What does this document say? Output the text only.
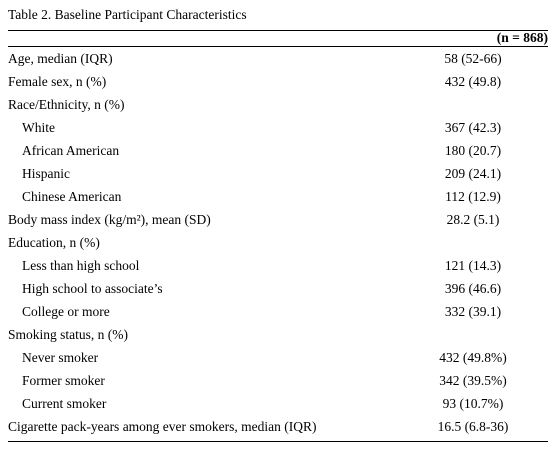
Table 2. Baseline Participant Characteristics
(n = 868)
Age, median (IQR)	58 (52-66)
Female sex, n (%)	432 (49.8)
Race/Ethnicity, n (%)
White	367 (42.3)
African American	180 (20.7)
Hispanic	209 (24.1)
Chinese American	112 (12.9)
Body mass index (kg/m²), mean (SD)	28.2 (5.1)
Education, n (%)
Less than high school	121 (14.3)
High school to associate’s	396 (46.6)
College or more	332 (39.1)
Smoking status, n (%)
Never smoker	432 (49.8%)
Former smoker	342 (39.5%)
Current smoker	93 (10.7%)
Cigarette pack-years among ever smokers, median (IQR)	16.5 (6.8-36)
